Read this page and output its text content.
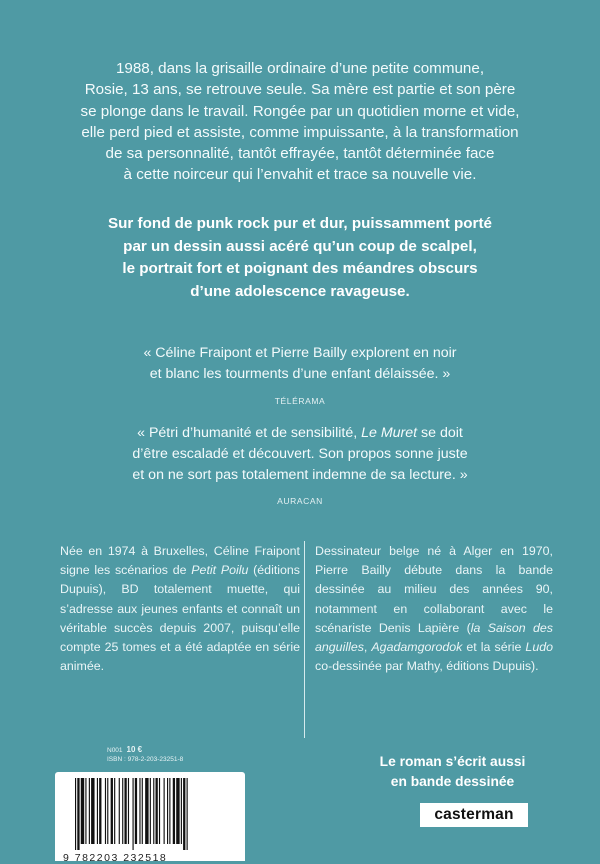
1988, dans la grisaille ordinaire d’une petite commune,

Rosie, 13 ans, se retrouve seule. Sa mère est partie et son père

se plonge dans le travail. Rongée par un quotidien morne et vide,

elle perd pied et assiste, comme impuissante, à la transformation

de sa personnalité, tantôt effrayée, tantôt déterminée face

à cette noirceur qui l’envahit et trace sa nouvelle vie.

Sur fond de punk rock pur et dur, puissamment porté

par un dessin aussi acéré qu’un coup de scalpel,

le portrait fort et poignant des méandres obscurs

d’une adolescence ravageuse.

« Céline Fraipont et Pierre Bailly explorent en noir

et blanc les tourments d’une enfant délaissée. »

TÉLÉRAMA

« Pétri d’humanité et de sensibilité, Le Muret se doit

d’être escaladé et découvert. Son propos sonne juste

et on ne sort pas totalement indemne de sa lecture. »

AURACAN

Née en 1974 à Bruxelles, Céline Fraipont signe les scénarios de Petit Poilu (éditions Dupuis), BD totalement muette, qui s’adresse aux jeunes enfants et connaît un véritable succès depuis 2007, puisqu’elle compte 25 tomes et a été adaptée en série animée.

Dessinateur belge né à Alger en 1970, Pierre Bailly débute dans la bande dessinée au milieu des années 90, notamment en collaborant avec le scénariste Denis Lapière (la Saison des anguilles, Agadamgorodok et la série Ludo co-dessinée par Mathy, éditions Dupuis).

N001 10 €
ISBN : 978-2-203-23251-8
9 782203 232518

Le roman s’écrit aussi

en bande dessinée

casterman
